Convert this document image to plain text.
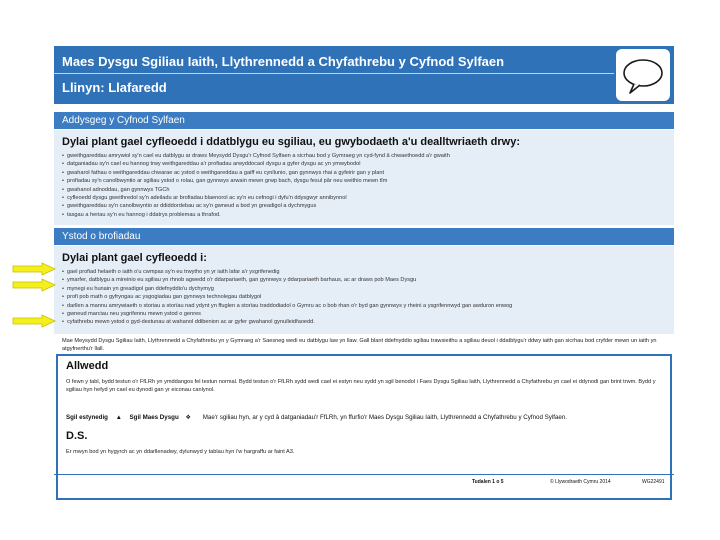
Maes Dysgu Sgiliau Iaith, Llythrennedd a Chyfathrebu y Cyfnod Sylfaen
Llinyn: Llafaredd
Addysgeg y Cyfnod Sylfaen
Dylai plant gael cyfleoedd i ddatblygu eu sgiliau, eu gwybodaeth a'u dealltwriaeth drwy:
• gweithgareddau amrywiol sy'n cael eu datblygu ar draws Meysydd Dysgu'r Cyfnod Sylfaen a sicrhau bod y Gymraeg yn cyd-fynd â chwaethoedd a'r gwaith
• datganiadau sy'n cael eu hannog trwy weithgareddau a'r profiadau arwyddocaol dysgu a gyfer dysgu ac yn ymwybodol
• gwaharol fathau o weithgareddau chwarae ac ystod o weithgareddau a gaiff eu cynllunio, gan gynnwys rhai a gyfeirir gan y plant
• profiadau sy'n canolbwyntio ar sgiliau ystod o rolau, gan gynnwys arwain mewn grwp bach, dysgu fesul pâr neu weithio mewn tîm
• gwahanol adnoddau, gan gynnwys TGCh
• cyfleoedd dysgu gweithredol sy'n adeiladu ar brofiadau blaenorol ac sy'n eu cefnogi i dyfu'n ddysgwyr annibynnol
• gweithgareddau sy'n canolbwyntio ar ddiddordebau ac sy'n gwneud a bod yn greadigol a dychmygus
• tasgau a heriau sy'n eu hannog i ddatrys problemau a thrafod.
Ystod o brofiadau
Dylai plant gael cyfleoedd i:
• gael profiad helaeth o iaith o'u cwmpas sy'n eu trwytho yn yr iaith lafar a'r ysgrifenedig
• ymarfer, datblygu a mireinio eu sgiliau yn rhnob agwedd o'r ddarpariaeth, gan gynnwys y ddarpariaeth barhaus, ac ar draws pob Maes Dysgu
• mynegi eu hunain yn greadigol gan ddefnyddio'u dychymyg
• profi pob math o gyfryngau ac ysgogiadau gan gynnwys technolegau datblygol
• darllen a mannu amrywiaeth o storiau a storïau nad ydynt yn ffuglen a storïau traddodiadol o Gymru ac o bob rhan o'r byd gan gynnwys y rheini a ysgrifennwyd gan awduron enwog
• gwneud marciau neu ysgrifennu mewn ystod o genres
• cyfathrebu mewn ystod o gyd-destunau at wahanol ddibenion ac ar gyfer gwahanol gynulleidfaoedd.
Mae Meysydd Dysgu Sgiliau Iaith, Llythrennedd a Chyfathrebu yn y Gymraeg a'r Saesneg wedi eu datblygu law yn llaw. Gall blant ddefnyddio sgiliau trawsieithu a sgiliau deuol i ddatblygu'r ddwy iaith gan sicrhau bod cryfder mewn un iaith yn atgyfnerthu'r llall.
Allwedd
O fewn y tabl, bydd testun o'r FfLRh yn ymddangos fel testun normal. Bydd testun o'r FfLRh sydd wedi cael ei estyn neu sydd yn sgil benodol i Faes Dysgu Sgiliau Iaith, Llythrennedd a Chyfathrebu yn cael ei ddynodi gan brint trwm. Bydd y sgiliau hyn hefyd yn cael eu dynodi gan yr eiconau canlynol.
Sgil estynedig ▲ Sgil Maes Dysgu ❖ Mae'r sgiliau hyn, ar y cyd â datganiadau'r FfLRh, yn ffurfio'r Maes Dysgu Sgiliau Iaith, Llythrennedd a Chyfathrebu y Cyfnod Sylfaen.
D.S.
Er mwyn bod yn hygyrch ac yn ddarllenadwy, dylunwyd y tablau hyn i'w hargraffu ar faint A3.
Tudalen 1 o 5	© Llywodraeth Cymru 2014	WG22491
